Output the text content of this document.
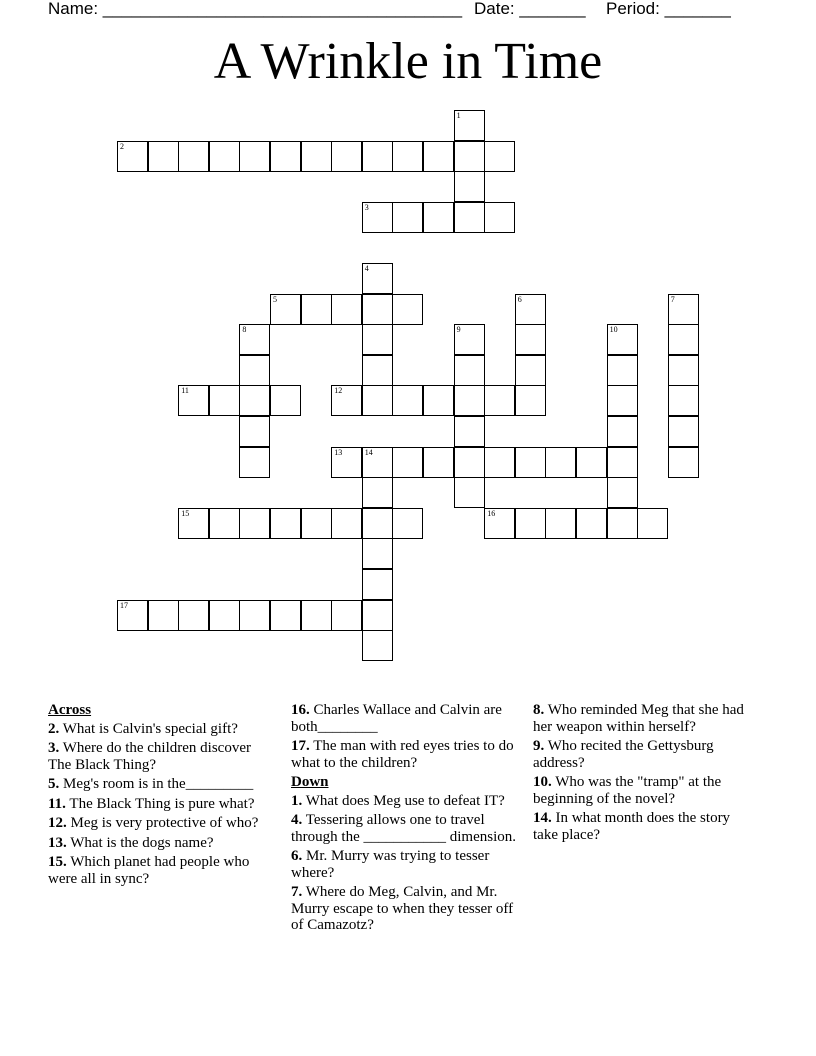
Name: ______________________________________ Date: _______ Period: _______
A Wrinkle in Time
1
2
3
4
5	6	7
8	9	10
11	12
13	14
15	16
17
Across
2. What is Calvin's special gift?
3. Where do the children discover The Black Thing?
5. Meg's room is in the_________
11. The Black Thing is pure what?
12. Meg is very protective of who?
13. What is the dogs name?
15. Which planet had people who were all in sync?
16. Charles Wallace and Calvin are both________
17. The man with red eyes tries to do what to the children?
Down
1. What does Meg use to defeat IT?
4. Tessering allows one to travel through the ___________ dimension.
6. Mr. Murry was trying to tesser where?
7. Where do Meg, Calvin, and Mr. Murry escape to when they tesser off of Camazotz?
8. Who reminded Meg that she had her weapon within herself?
9. Who recited the Gettysburg address?
10. Who was the "tramp" at the beginning of the novel?
14. In what month does the story take place?
